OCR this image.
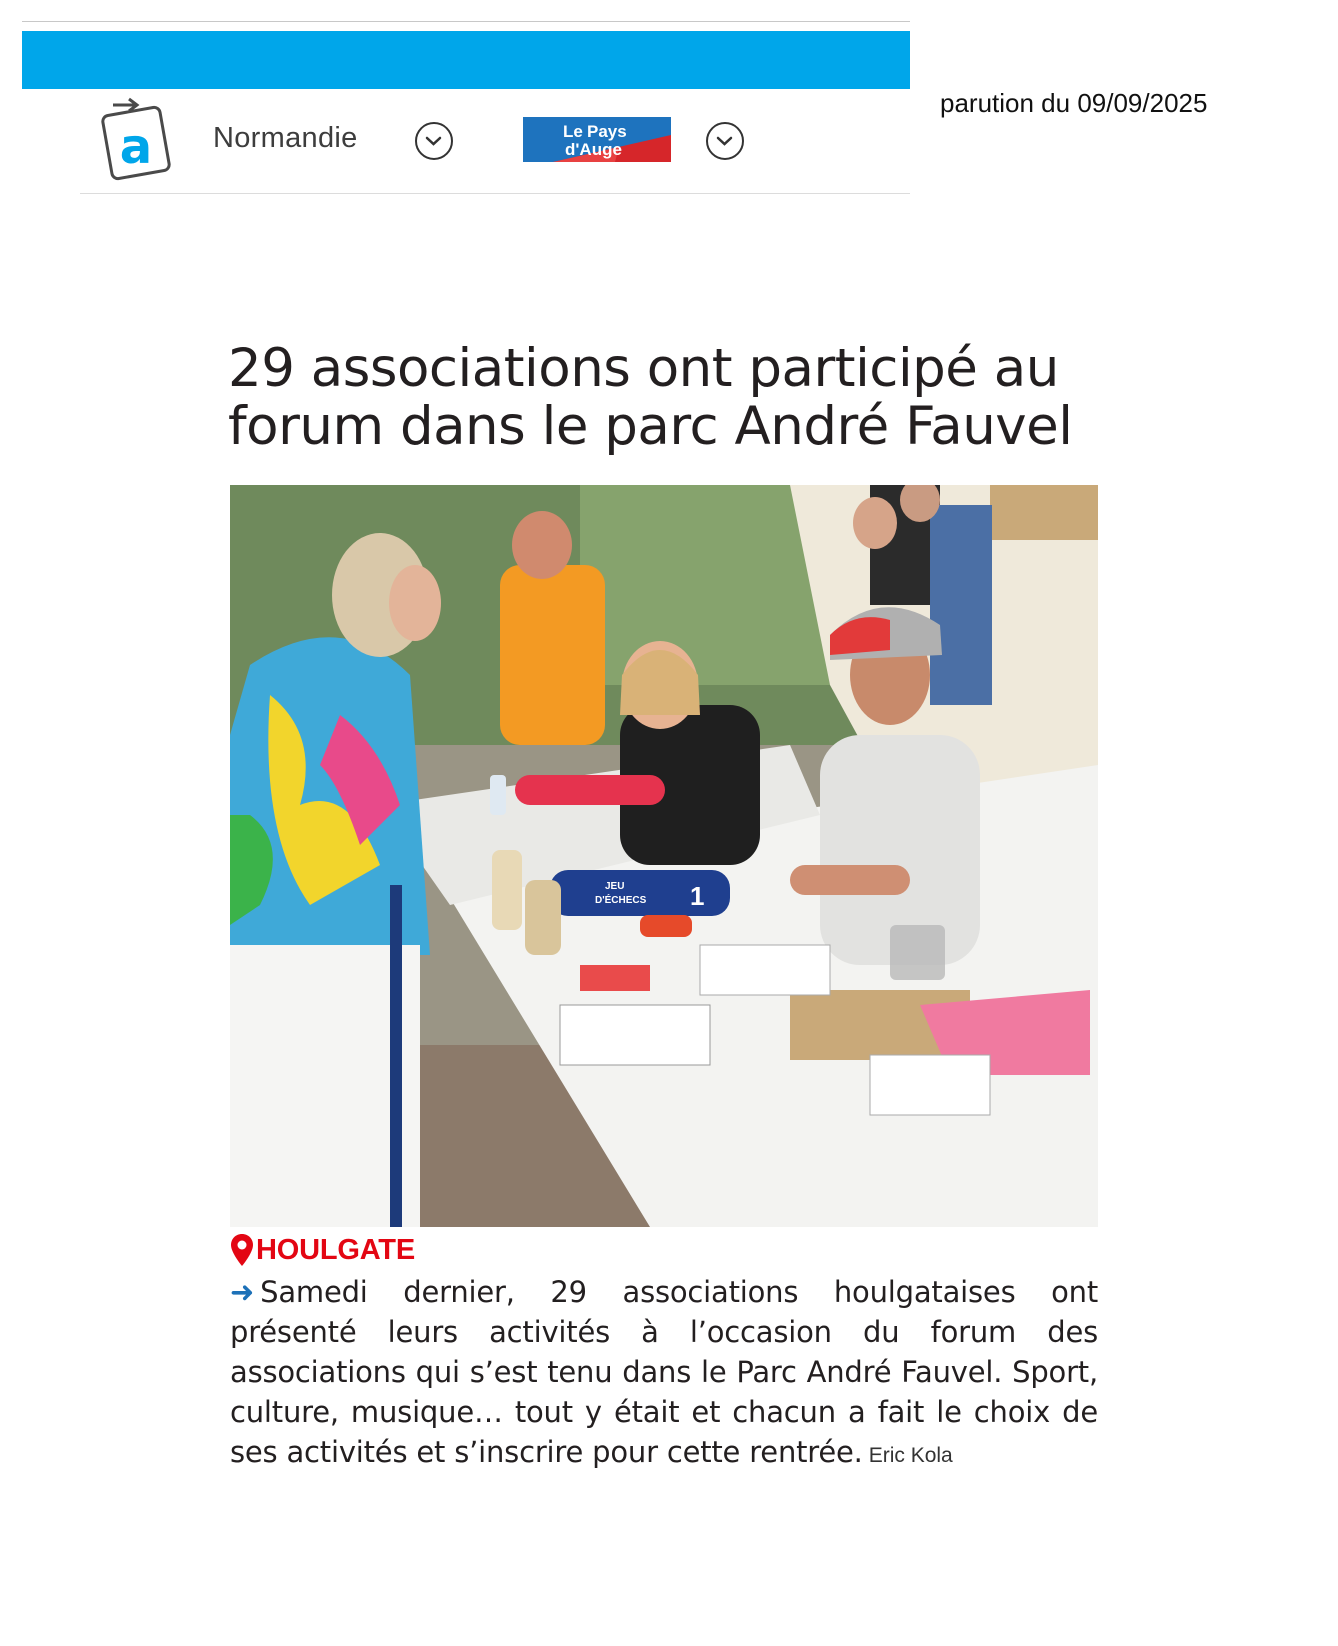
a Normandie	Le Pays
d'Auge
parution du 09/09/2025
29 associations ont participé au
forum dans le parc André Fauvel
JEU
D'ÉCHECS 1
HOULGATE

➜ Samedi dernier, 29 associations houlgataises ont présenté leurs activités à l’occasion du forum des associations qui s’est tenu dans le Parc André Fauvel. Sport, culture, musique… tout y était et chacun a fait le choix de ses activités et s’inscrire pour cette rentrée. Eric Kola
